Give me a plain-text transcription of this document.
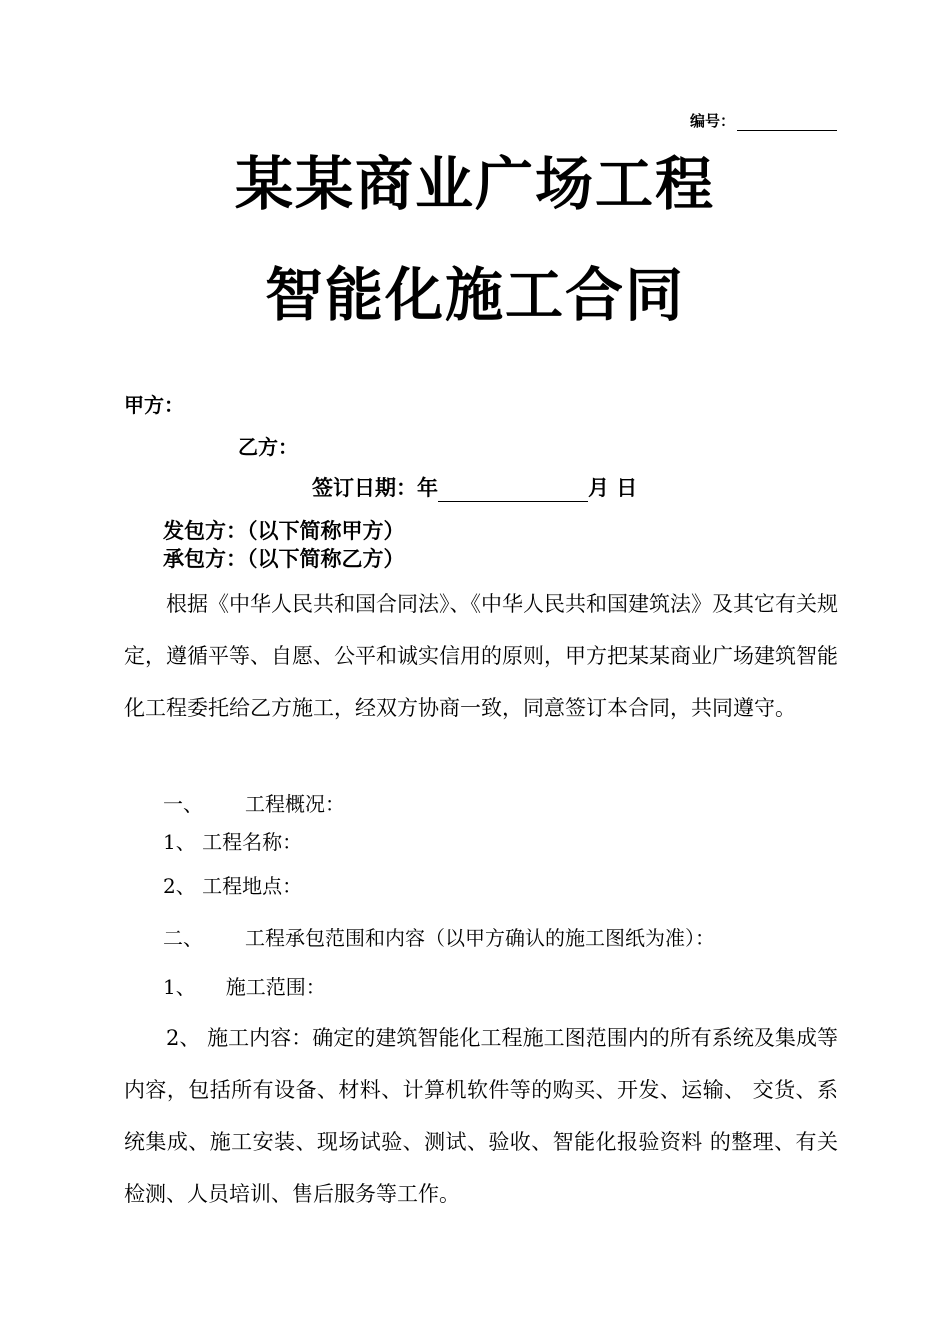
编号：
某某商业广场工程
智能化施工合同
甲方：
乙方：
签订日期：年	月 日
发包方：（以下简称甲方）
承包方：（以下简称乙方）
根据《中华人民共和国合同法》、《中华人民共和国建筑法》及其它有关规定，遵循平等、自愿、公平和诚实信用的原则，甲方把某某商业广场建筑智能化工程委托给乙方施工，经双方协商一致，同意签订本合同，共同遵守。
一、 工程概况：
1、 工程名称：
2、 工程地点：
二、 工程承包范围和内容（以甲方确认的施工图纸为准）：
1、 施工范围：
2、 施工内容：确定的建筑智能化工程施工图范围内的所有系统及集成等内容，包括所有设备、材料、计算机软件等的购买、开发、运输、 交货、系统集成、施工安装、现场试验、测试、验收、智能化报验资料 的整理、有关检测、人员培训、售后服务等工作。
